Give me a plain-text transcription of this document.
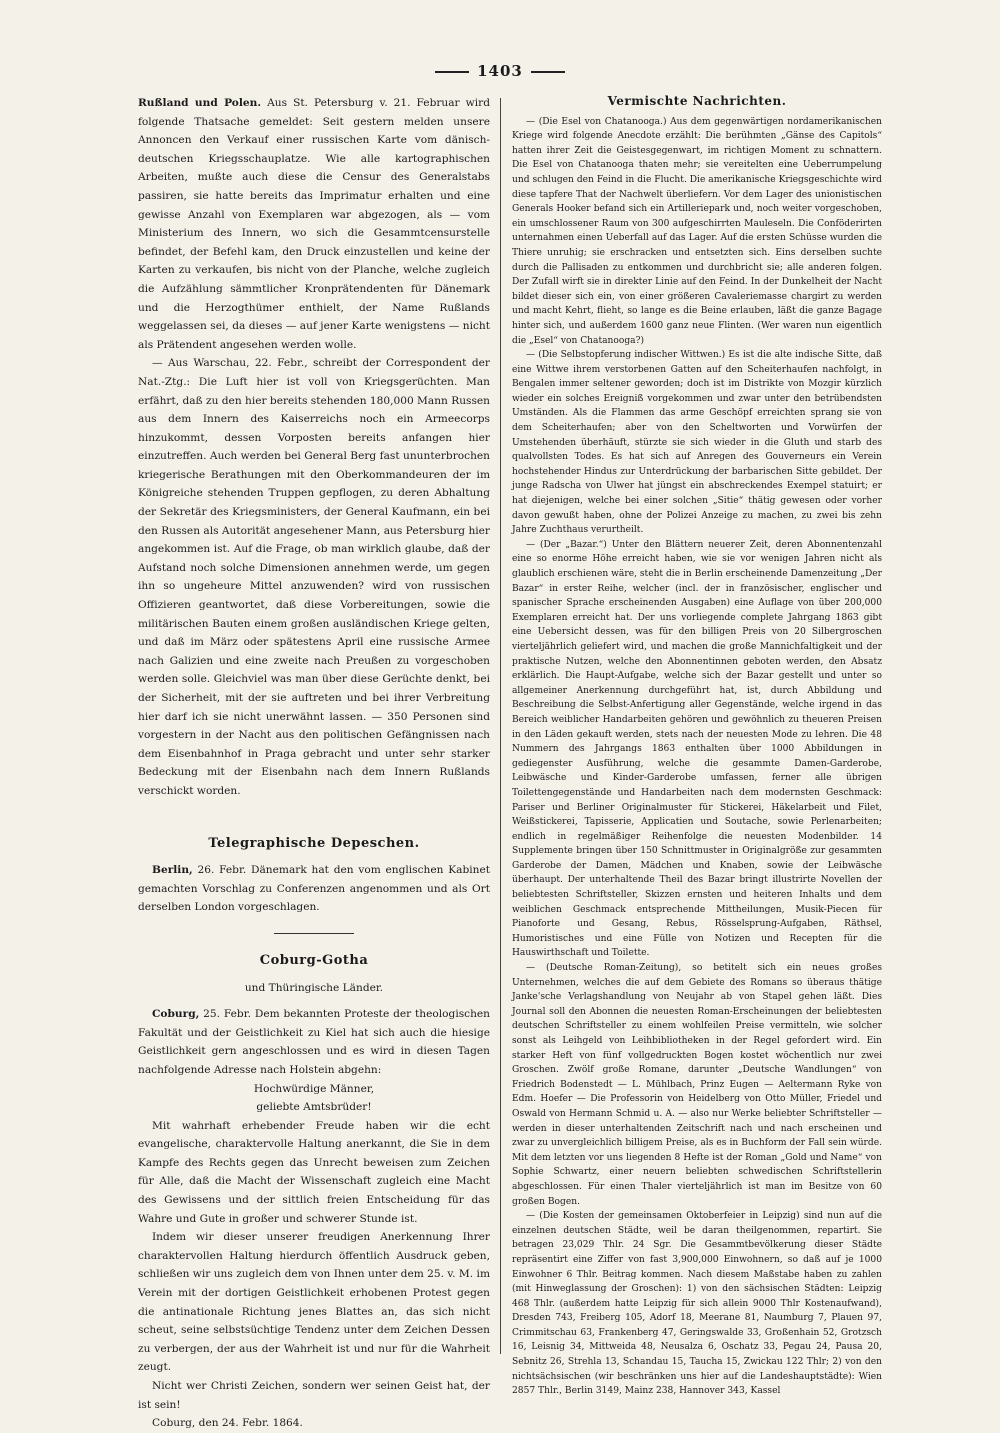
1403

Rußland und Polen. Aus St. Petersburg v. 21. Februar wird folgende Thatsache gemeldet: Seit gestern melden unsere Annoncen den Verkauf einer russischen Karte vom dänisch-deutschen Kriegsschauplatze. Wie alle kartographischen Arbeiten, mußte auch diese die Censur des Generalstabs passiren, sie hatte bereits das Imprimatur erhalten und eine gewisse Anzahl von Exemplaren war abgezogen, als — vom Ministerium des Innern, wo sich die Gesammtcensurstelle befindet, der Befehl kam, den Druck einzustellen und keine der Karten zu verkaufen, bis nicht von der Planche, welche zugleich die Aufzählung sämmtlicher Kronprätendenten für Dänemark und die Herzogthümer enthielt, der Name Rußlands weggelassen sei, da dieses — auf jener Karte wenigstens — nicht als Prätendent angesehen werden wolle.

— Aus Warschau, 22. Febr., schreibt der Correspondent der Nat.-Ztg.: Die Luft hier ist voll von Kriegsgerüchten. Man erfährt, daß zu den hier bereits stehenden 180,000 Mann Russen aus dem Innern des Kaiserreichs noch ein Armeecorps hinzukommt, dessen Vorposten bereits anfangen hier einzutreffen. Auch werden bei General Berg fast ununterbrochen kriegerische Berathungen mit den Oberkommandeuren der im Königreiche stehenden Truppen gepflogen, zu deren Abhaltung der Sekretär des Kriegsministers, der General Kaufmann, ein bei den Russen als Autorität angesehener Mann, aus Petersburg hier angekommen ist. Auf die Frage, ob man wirklich glaube, daß der Aufstand noch solche Dimensionen annehmen werde, um gegen ihn so ungeheure Mittel anzuwenden? wird von russischen Offizieren geantwortet, daß diese Vorbereitungen, sowie die militärischen Bauten einem großen ausländischen Kriege gelten, und daß im März oder spätestens April eine russische Armee nach Galizien und eine zweite nach Preußen zu vorgeschoben werden solle. Gleichviel was man über diese Gerüchte denkt, bei der Sicherheit, mit der sie auftreten und bei ihrer Verbreitung hier darf ich sie nicht unerwähnt lassen. — 350 Personen sind vorgestern in der Nacht aus den politischen Gefängnissen nach dem Eisenbahnhof in Praga gebracht und unter sehr starker Bedeckung mit der Eisenbahn nach dem Innern Rußlands verschickt worden.

Telegraphische Depeschen.

Berlin, 26. Febr. Dänemark hat den vom englischen Kabinet gemachten Vorschlag zu Conferenzen angenommen und als Ort derselben London vorgeschlagen.

Coburg-Gotha
und Thüringische Länder.

Coburg, 25. Febr. Dem bekannten Proteste der theologischen Fakultät und der Geistlichkeit zu Kiel hat sich auch die hiesige Geistlichkeit gern angeschlossen und es wird in diesen Tagen nachfolgende Adresse nach Holstein abgehn:

Hochwürdige Männer,

geliebte Amtsbrüder!

Mit wahrhaft erhebender Freude haben wir die echt evangelische, charaktervolle Haltung anerkannt, die Sie in dem Kampfe des Rechts gegen das Unrecht beweisen zum Zeichen für Alle, daß die Macht der Wissenschaft zugleich eine Macht des Gewissens und der sittlich freien Entscheidung für das Wahre und Gute in großer und schwerer Stunde ist.

Indem wir dieser unserer freudigen Anerkennung Ihrer charaktervollen Haltung hierdurch öffentlich Ausdruck geben, schließen wir uns zugleich dem von Ihnen unter dem 25. v. M. im Verein mit der dortigen Geistlichkeit erhobenen Protest gegen die antinationale Richtung jenes Blattes an, das sich nicht scheut, seine selbstsüchtige Tendenz unter dem Zeichen Dessen zu verbergen, der aus der Wahrheit ist und nur für die Wahrheit zeugt.

Nicht wer Christi Zeichen, sondern wer seinen Geist hat, der ist sein!

Coburg, den 24. Febr. 1864.

Vermischte Nachrichten.

— (Die Esel von Chatanooga.) Aus dem gegenwärtigen nordamerikanischen Kriege wird folgende Anecdote erzählt: Die berühmten „Gänse des Capitols“ hatten ihrer Zeit die Geistesgegenwart, im richtigen Moment zu schnattern. Die Esel von Chatanooga thaten mehr; sie vereitelten eine Ueberrumpelung und schlugen den Feind in die Flucht. Die amerikanische Kriegsgeschichte wird diese tapfere That der Nachwelt überliefern. Vor dem Lager des unionistischen Generals Hooker befand sich ein Artilleriepark und, noch weiter vorgeschoben, ein umschlossener Raum von 300 aufgeschirrten Mauleseln. Die Conföderirten unternahmen einen Ueberfall auf das Lager. Auf die ersten Schüsse wurden die Thiere unruhig; sie erschracken und entsetzten sich. Eins derselben suchte durch die Pallisaden zu entkommen und durchbricht sie; alle anderen folgen. Der Zufall wirft sie in direkter Linie auf den Feind. In der Dunkelheit der Nacht bildet dieser sich ein, von einer größeren Cavaleriemasse chargirt zu werden und macht Kehrt, flieht, so lange es die Beine erlauben, läßt die ganze Bagage hinter sich, und außerdem 1600 ganz neue Flinten. (Wer waren nun eigentlich die „Esel“ von Chatanooga?)

— (Die Selbstopferung indischer Wittwen.) Es ist die alte indische Sitte, daß eine Wittwe ihrem verstorbenen Gatten auf den Scheiterhaufen nachfolgt, in Bengalen immer seltener geworden; doch ist im Distrikte von Mozgir kürzlich wieder ein solches Ereigniß vorgekommen und zwar unter den betrübendsten Umständen. Als die Flammen das arme Geschöpf erreichten sprang sie von dem Scheiterhaufen; aber von den Scheltworten und Vorwürfen der Umstehenden überhäuft, stürzte sie sich wieder in die Gluth und starb des qualvollsten Todes. Es hat sich auf Anregen des Gouverneurs ein Verein hochstehender Hindus zur Unterdrückung der barbarischen Sitte gebildet. Der junge Radscha von Ulwer hat jüngst ein abschreckendes Exempel statuirt; er hat diejenigen, welche bei einer solchen „Sitie“ thätig gewesen oder vorher davon gewußt haben, ohne der Polizei Anzeige zu machen, zu zwei bis zehn Jahre Zuchthaus verurtheilt.

— (Der „Bazar.“) Unter den Blättern neuerer Zeit, deren Abonnentenzahl eine so enorme Höhe erreicht haben, wie sie vor wenigen Jahren nicht als glaublich erschienen wäre, steht die in Berlin erscheinende Damenzeitung „Der Bazar“ in erster Reihe, welcher (incl. der in französischer, englischer und spanischer Sprache erscheinenden Ausgaben) eine Auflage von über 200,000 Exemplaren erreicht hat. Der uns vorliegende complete Jahrgang 1863 gibt eine Uebersicht dessen, was für den billigen Preis von 20 Silbergroschen vierteljährlich geliefert wird, und machen die große Mannichfaltigkeit und der praktische Nutzen, welche den Abonnentinnen geboten werden, den Absatz erklärlich. Die Haupt-Aufgabe, welche sich der Bazar gestellt und unter so allgemeiner Anerkennung durchgeführt hat, ist, durch Abbildung und Beschreibung die Selbst-Anfertigung aller Gegenstände, welche irgend in das Bereich weiblicher Handarbeiten gehören und gewöhnlich zu theueren Preisen in den Läden gekauft werden, stets nach der neuesten Mode zu lehren. Die 48 Nummern des Jahrgangs 1863 enthalten über 1000 Abbildungen in gediegenster Ausführung, welche die gesammte Damen-Garderobe, Leibwäsche und Kinder-Garderobe umfassen, ferner alle übrigen Toilettengegenstände und Handarbeiten nach dem modernsten Geschmack: Pariser und Berliner Originalmuster für Stickerei, Häkelarbeit und Filet, Weißstickerei, Tapisserie, Applicatien und Soutache, sowie Perlenarbeiten; endlich in regelmäßiger Reihenfolge die neuesten Modenbilder. 14 Supplemente bringen über 150 Schnittmuster in Originalgröße zur gesammten Garderobe der Damen, Mädchen und Knaben, sowie der Leibwäsche überhaupt. Der unterhaltende Theil des Bazar bringt illustrirte Novellen der beliebtesten Schriftsteller, Skizzen ernsten und heiteren Inhalts und dem weiblichen Geschmack entsprechende Mittheilungen, Musik-Piecen für Pianoforte und Gesang, Rebus, Rösselsprung-Aufgaben, Räthsel, Humoristisches und eine Fülle von Notizen und Recepten für die Hauswirthschaft und Toilette.

— (Deutsche Roman-Zeitung), so betitelt sich ein neues großes Unternehmen, welches die auf dem Gebiete des Romans so überaus thätige Janke'sche Verlagshandlung von Neujahr ab von Stapel gehen läßt. Dies Journal soll den Abonnen die neuesten Roman-Erscheinungen der beliebtesten deutschen Schriftsteller zu einem wohlfeilen Preise vermitteln, wie solcher sonst als Leihgeld von Leihbibliotheken in der Regel gefordert wird. Ein starker Heft von fünf vollgedruckten Bogen kostet wöchentlich nur zwei Groschen. Zwölf große Romane, darunter „Deutsche Wandlungen“ von Friedrich Bodenstedt — L. Mühlbach, Prinz Eugen — Aeltermann Ryke von Edm. Hoefer — Die Professorin von Heidelberg von Otto Müller, Friedel und Oswald von Hermann Schmid u. A. — also nur Werke beliebter Schriftsteller — werden in dieser unterhaltenden Zeitschrift nach und nach erscheinen und zwar zu unvergleichlich billigem Preise, als es in Buchform der Fall sein würde. Mit dem letzten vor uns liegenden 8 Hefte ist der Roman „Gold und Name“ von Sophie Schwartz, einer neuern beliebten schwedischen Schriftstellerin abgeschlossen. Für einen Thaler vierteljährlich ist man im Besitze von 60 großen Bogen.

— (Die Kosten der gemeinsamen Oktoberfeier in Leipzig) sind nun auf die einzelnen deutschen Städte, weil be daran theilgenommen, repartirt. Sie betragen 23,029 Thlr. 24 Sgr. Die Gesammtbevölkerung dieser Städte repräsentirt eine Ziffer von fast 3,900,000 Einwohnern, so daß auf je 1000 Einwohner 6 Thlr. Beitrag kommen. Nach diesem Maßstabe haben zu zahlen (mit Hinweglassung der Groschen): 1) von den sächsischen Städten: Leipzig 468 Thlr. (außerdem hatte Leipzig für sich allein 9000 Thlr Kostenaufwand), Dresden 743, Freiberg 105, Adorf 18, Meerane 81, Naumburg 7, Plauen 97, Crimmitschau 63, Frankenberg 47, Geringswalde 33, Großenhain 52, Grotzsch 16, Leisnig 34, Mittweida 48, Neusalza 6, Oschatz 33, Pegau 24, Pausa 20, Sebnitz 26, Strehla 13, Schandau 15, Taucha 15, Zwickau 122 Thlr; 2) von den nichtsächsischen (wir beschränken uns hier auf die Landeshauptstädte): Wien 2857 Thlr., Berlin 3149, Mainz 238, Hannover 343, Kassel
